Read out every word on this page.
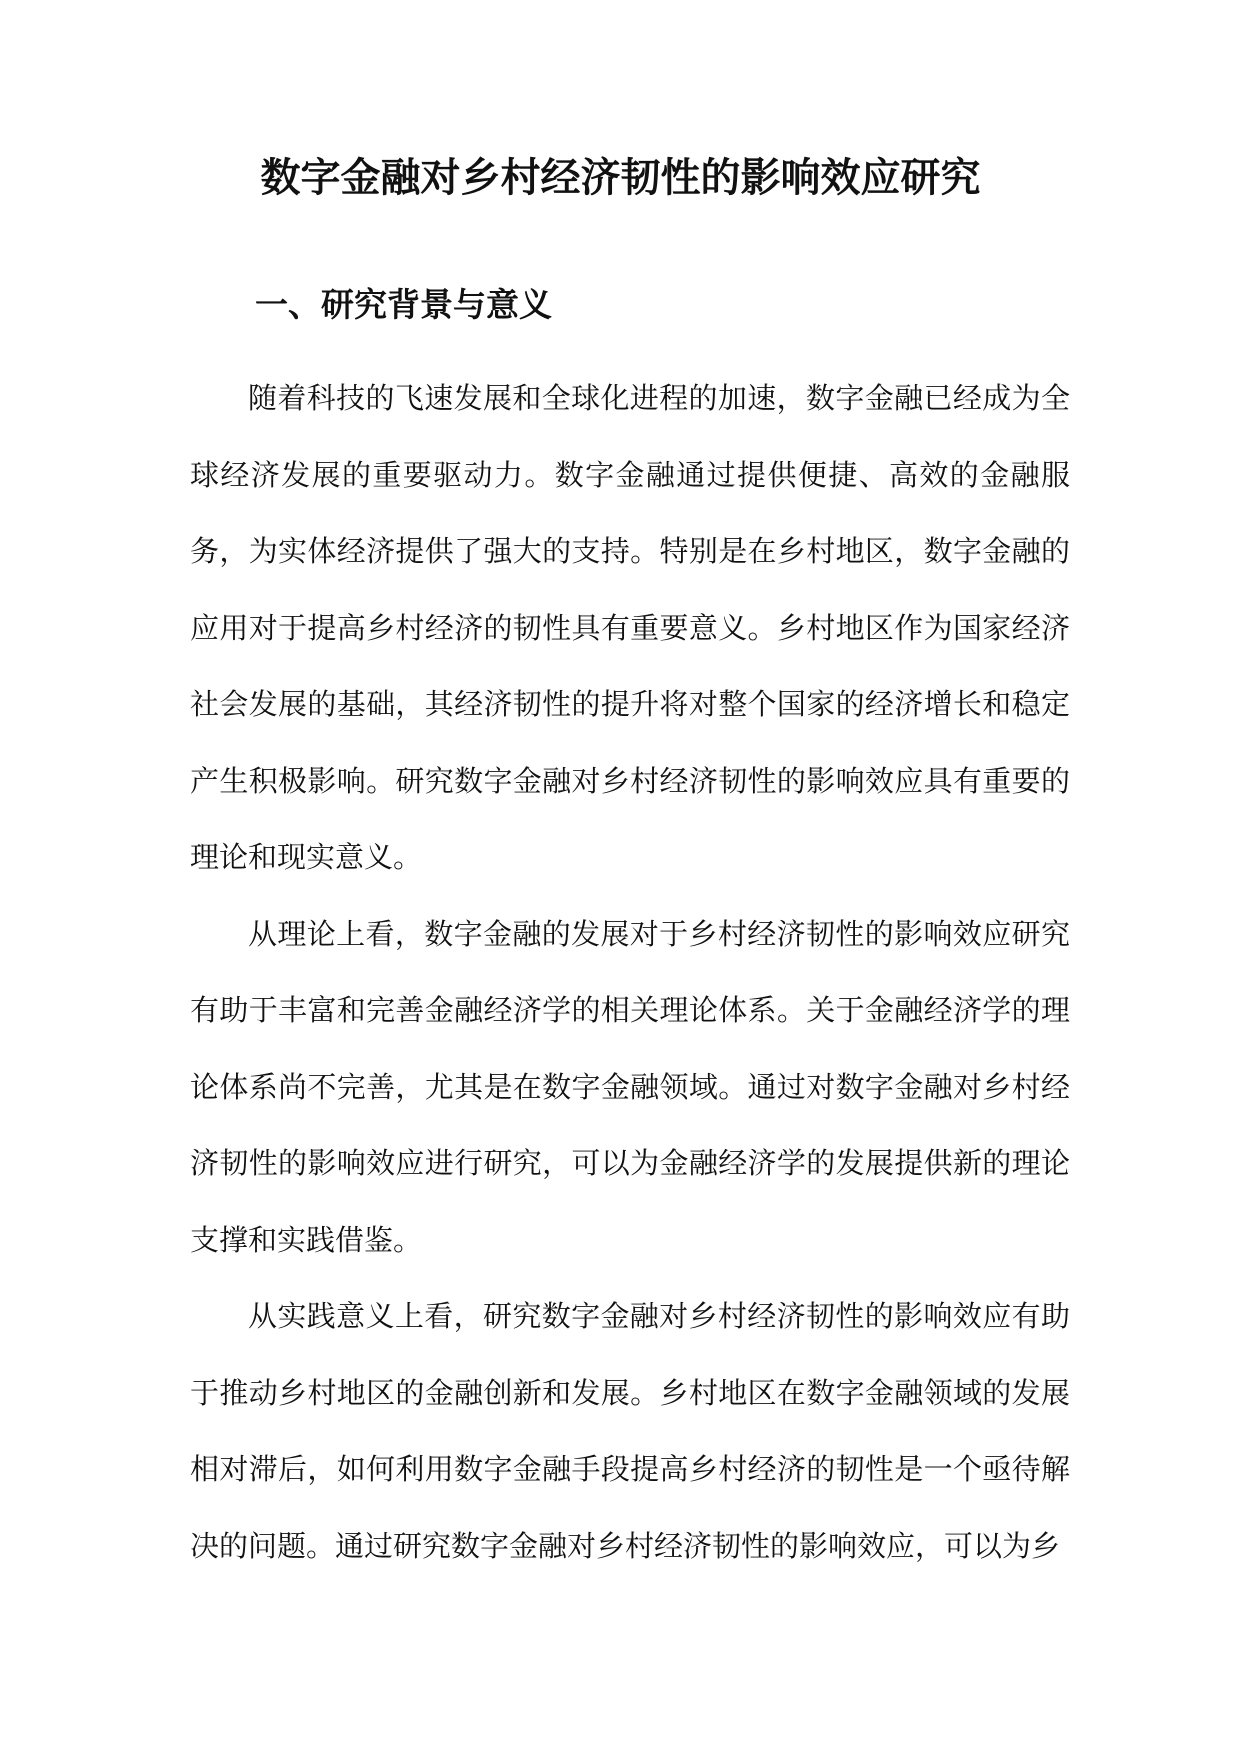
数字金融对乡村经济韧性的影响效应研究
一、研究背景与意义

随着科技的飞速发展和全球化进程的加速，数字金融已经成为全球经济发展的重要驱动力。数字金融通过提供便捷、高效的金融服务，为实体经济提供了强大的支持。特别是在乡村地区，数字金融的应用对于提高乡村经济的韧性具有重要意义。乡村地区作为国家经济社会发展的基础，其经济韧性的提升将对整个国家的经济增长和稳定产生积极影响。研究数字金融对乡村经济韧性的影响效应具有重要的理论和现实意义。

从理论上看，数字金融的发展对于乡村经济韧性的影响效应研究有助于丰富和完善金融经济学的相关理论体系。关于金融经济学的理论体系尚不完善，尤其是在数字金融领域。通过对数字金融对乡村经济韧性的影响效应进行研究，可以为金融经济学的发展提供新的理论支撑和实践借鉴。

从实践意义上看，研究数字金融对乡村经济韧性的影响效应有助于推动乡村地区的金融创新和发展。乡村地区在数字金融领域的发展相对滞后，如何利用数字金融手段提高乡村经济的韧性是一个亟待解决的问题。通过研究数字金融对乡村经济韧性的影响效应，可以为乡
